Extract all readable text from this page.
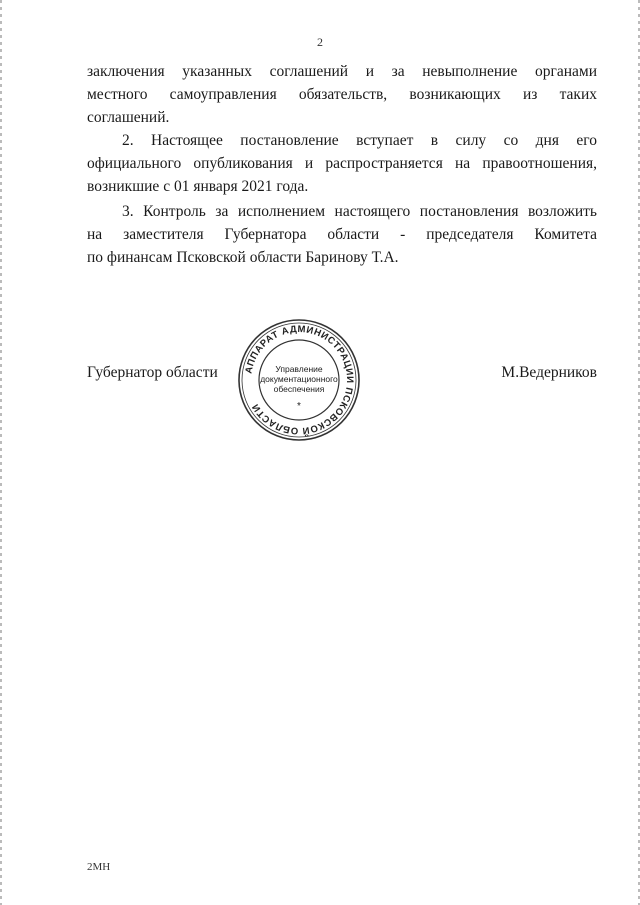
2
заключения указанных соглашений и за невыполнение органами
местного самоуправления обязательств, возникающих из таких
соглашений.
2. Настоящее постановление вступает в силу со дня его
официального опубликования и распространяется на правоотношения,
возникшие с 01 января 2021 года.
3. Контроль за исполнением настоящего постановления возложить
на заместителя Губернатора области - председателя Комитета
по финансам Псковской области Баринову Т.А.
Губернатор области	М.Ведерников
АППАРАТ АДМИНИСТРАЦИИ ПСКОВСКОЙ ОБЛАСТИ
Управление
документационного
обеспечения
*
2МН
